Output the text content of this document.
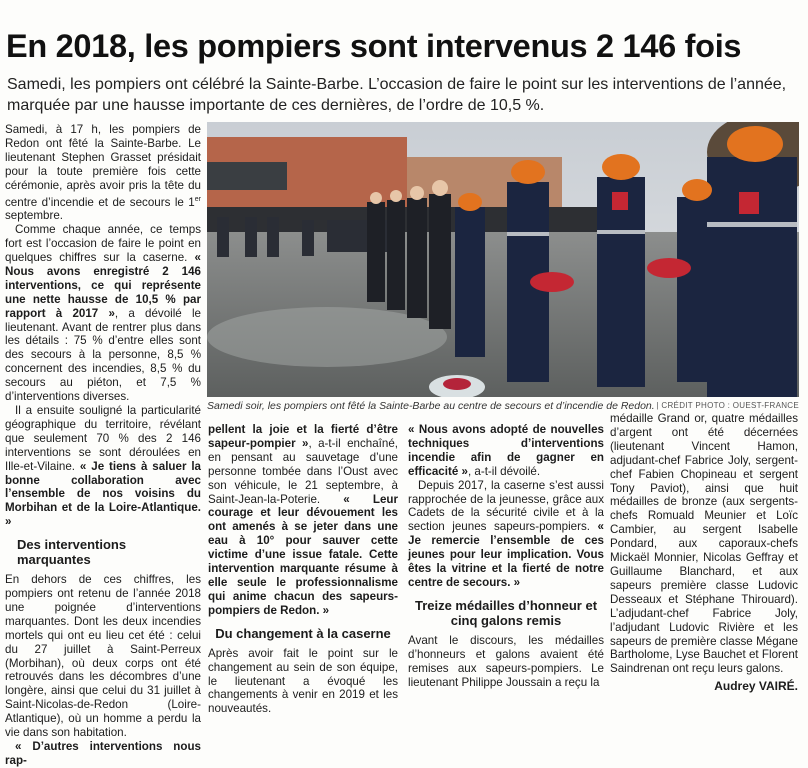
En 2018, les pompiers sont intervenus 2 146 fois
Samedi, les pompiers ont célébré la Sainte-Barbe. L’occasion de faire le point sur les interventions de l’année, marquée par une hausse importante de ces dernières, de l’ordre de 10,5 %.
Samedi soir, les pompiers ont fêté la Sainte-Barbe au centre de secours et d’incendie de Redon. | CRÉDIT PHOTO : OUEST-FRANCE

Samedi, à 17 h, les pompiers de Redon ont fêté la Sainte-Barbe. Le lieutenant Stephen Grasset présidait pour la toute première fois cette cérémonie, après avoir pris la tête du centre d’incendie et de secours le 1er septembre.

Comme chaque année, ce temps fort est l’occasion de faire le point en quelques chiffres sur la caserne. « Nous avons enregistré 2 146 interventions, ce qui représente une nette hausse de 10,5 % par rapport à 2017 », a dévoilé le lieutenant. Avant de rentrer plus dans les détails : 75 % d’entre elles sont des secours à la personne, 8,5 % concernent des incendies, 8,5 % du secours au piéton, et 7,5 % d’interventions diverses.

Il a ensuite souligné la particularité géographique du territoire, révélant que seulement 70 % des 2 146 interventions se sont déroulées en Ille-et-Vilaine. « Je tiens à saluer la bonne collaboration avec l’ensemble de nos voisins du Morbihan et de la Loire-Atlantique. »

Des interventions marquantes

En dehors de ces chiffres, les pompiers ont retenu de l’année 2018 une poignée d’interventions marquantes. Dont les deux incendies mortels qui ont eu lieu cet été : celui du 27 juillet à Saint-Perreux (Morbihan), où deux corps ont été retrouvés dans les décombres d’une longère, ainsi que celui du 31 juillet à Saint-Nicolas-de-Redon (Loire-Atlantique), où un homme a perdu la vie dans son habitation.

« D’autres interventions nous rap-

pellent la joie et la fierté d’être sapeur-pompier », a-t-il enchaîné, en pensant au sauvetage d’une personne tombée dans l’Oust avec son véhicule, le 21 septembre, à Saint-Jean-la-Poterie. « Leur courage et leur dévouement les ont amenés à se jeter dans une eau à 10° pour sauver cette victime d’une issue fatale. Cette intervention marquante résume à elle seule le professionnalisme qui anime chacun des sapeurs-pompiers de Redon. »

Du changement à la caserne

Après avoir fait le point sur le changement au sein de son équipe, le lieutenant a évoqué les changements à venir en 2019 et les nouveautés.

« Nous avons adopté de nouvelles techniques d’interventions incendie afin de gagner en efficacité », a-t-il dévoilé.

Depuis 2017, la caserne s’est aussi rapprochée de la jeunesse, grâce aux Cadets de la sécurité civile et à la section jeunes sapeurs-pompiers. « Je remercie l’ensemble de ces jeunes pour leur implication. Vous êtes la vitrine et la fierté de notre centre de secours. »

Treize médailles d’honneur et cinq galons remis

Avant le discours, les médailles d’honneurs et galons avaient été remises aux sapeurs-pompiers. Le lieutenant Philippe Joussain a reçu la

médaille Grand or, quatre médailles d’argent ont été décernées (lieutenant Vincent Hamon, adjudant-chef Fabrice Joly, sergent-chef Fabien Chopineau et sergent Tony Paviot), ainsi que huit médailles de bronze (aux sergents-chefs Romuald Meunier et Loïc Cambier, au sergent Isabelle Pondard, aux caporaux-chefs Mickaël Monnier, Nicolas Geffray et Guillaume Blanchard, et aux sapeurs première classe Ludovic Desseaux et Stéphane Thirouard). L’adjudant-chef Fabrice Joly, l’adjudant Ludovic Rivière et les sapeurs de première classe Mégane Bartholome, Lyse Bauchet et Florent Saindrenan ont reçu leurs galons.

Audrey VAIRÉ.
